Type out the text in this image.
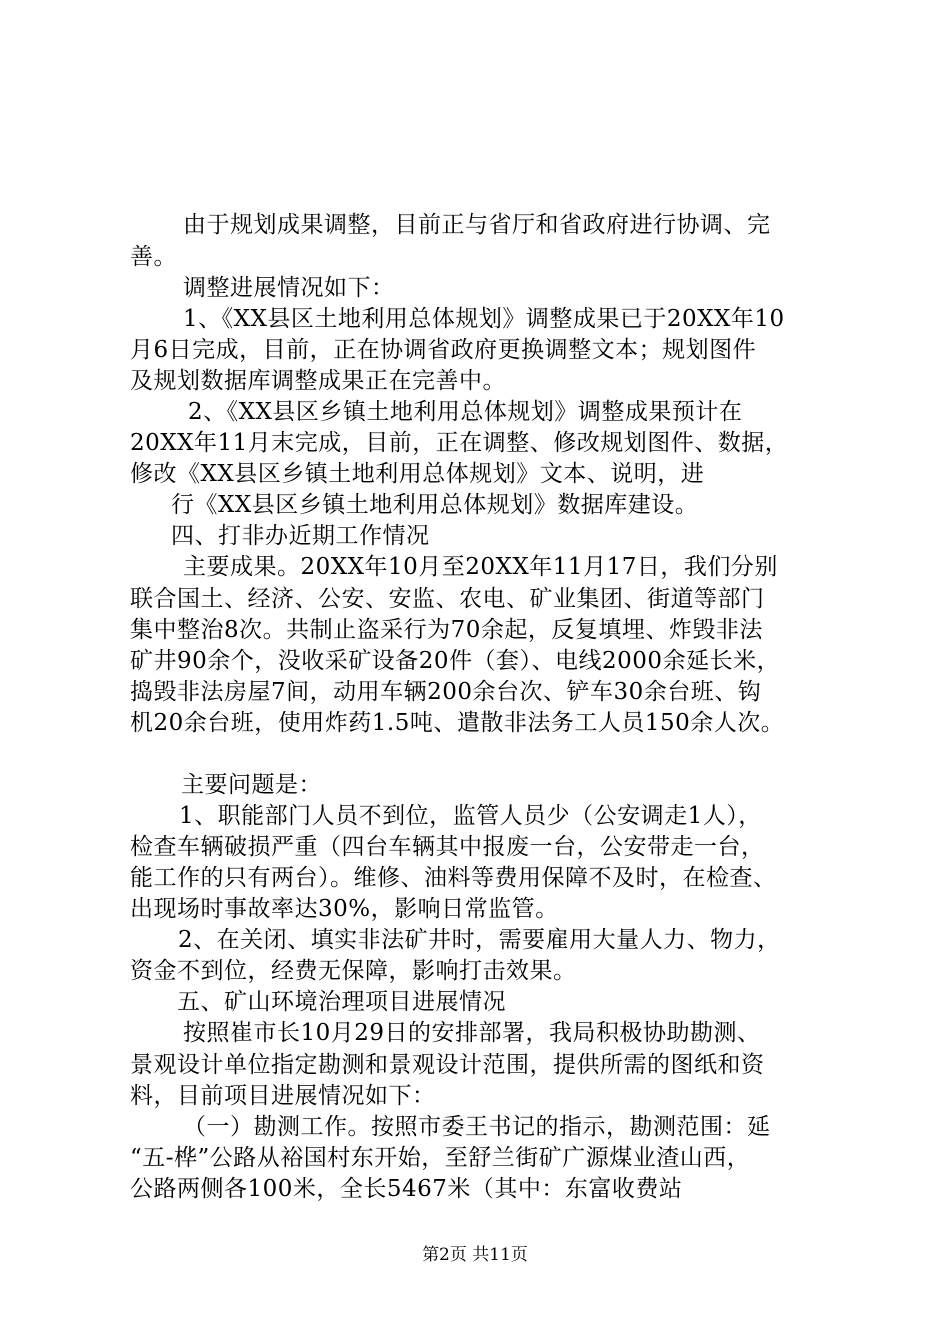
由于规划成果调整，目前正与省厅和省政府进行协调、完
善。
调整进展情况如下：
1、《XX县区土地利用总体规划》调整成果已于20XX年10
月6日完成，目前，正在协调省政府更换调整文本；规划图件
及规划数据库调整成果正在完善中。
2、《XX县区乡镇土地利用总体规划》调整成果预计在
20XX年11月末完成，目前，正在调整、修改规划图件、数据，
修改《XX县区乡镇土地利用总体规划》文本、说明，进
行《XX县区乡镇土地利用总体规划》数据库建设。
四、打非办近期工作情况
主要成果。20XX年10月至20XX年11月17日，我们分别
联合国土、经济、公安、安监、农电、矿业集团、街道等部门
集中整治8次。共制止盗采行为70余起，反复填埋、炸毁非法
矿井90余个，没收采矿设备20件（套）、电线2000余延长米，
捣毁非法房屋7间，动用车辆200余台次、铲车30余台班、钩
机20余台班，使用炸药1.5吨、遣散非法务工人员150余人次。
主要问题是：
1、职能部门人员不到位，监管人员少（公安调走1人），
检查车辆破损严重（四台车辆其中报废一台，公安带走一台，
能工作的只有两台）。维修、油料等费用保障不及时，在检查、
出现场时事故率达30%，影响日常监管。
2、在关闭、填实非法矿井时，需要雇用大量人力、物力，
资金不到位，经费无保障，影响打击效果。
五、矿山环境治理项目进展情况
按照崔市长10月29日的安排部署，我局积极协助勘测、
景观设计单位指定勘测和景观设计范围，提供所需的图纸和资
料，目前项目进展情况如下：
（一）勘测工作。按照市委王书记的指示，勘测范围：延
“五-桦”公路从裕国村东开始，至舒兰街矿广源煤业渣山西，
公路两侧各100米，全长5467米（其中：东富收费站
第2页 共11页
